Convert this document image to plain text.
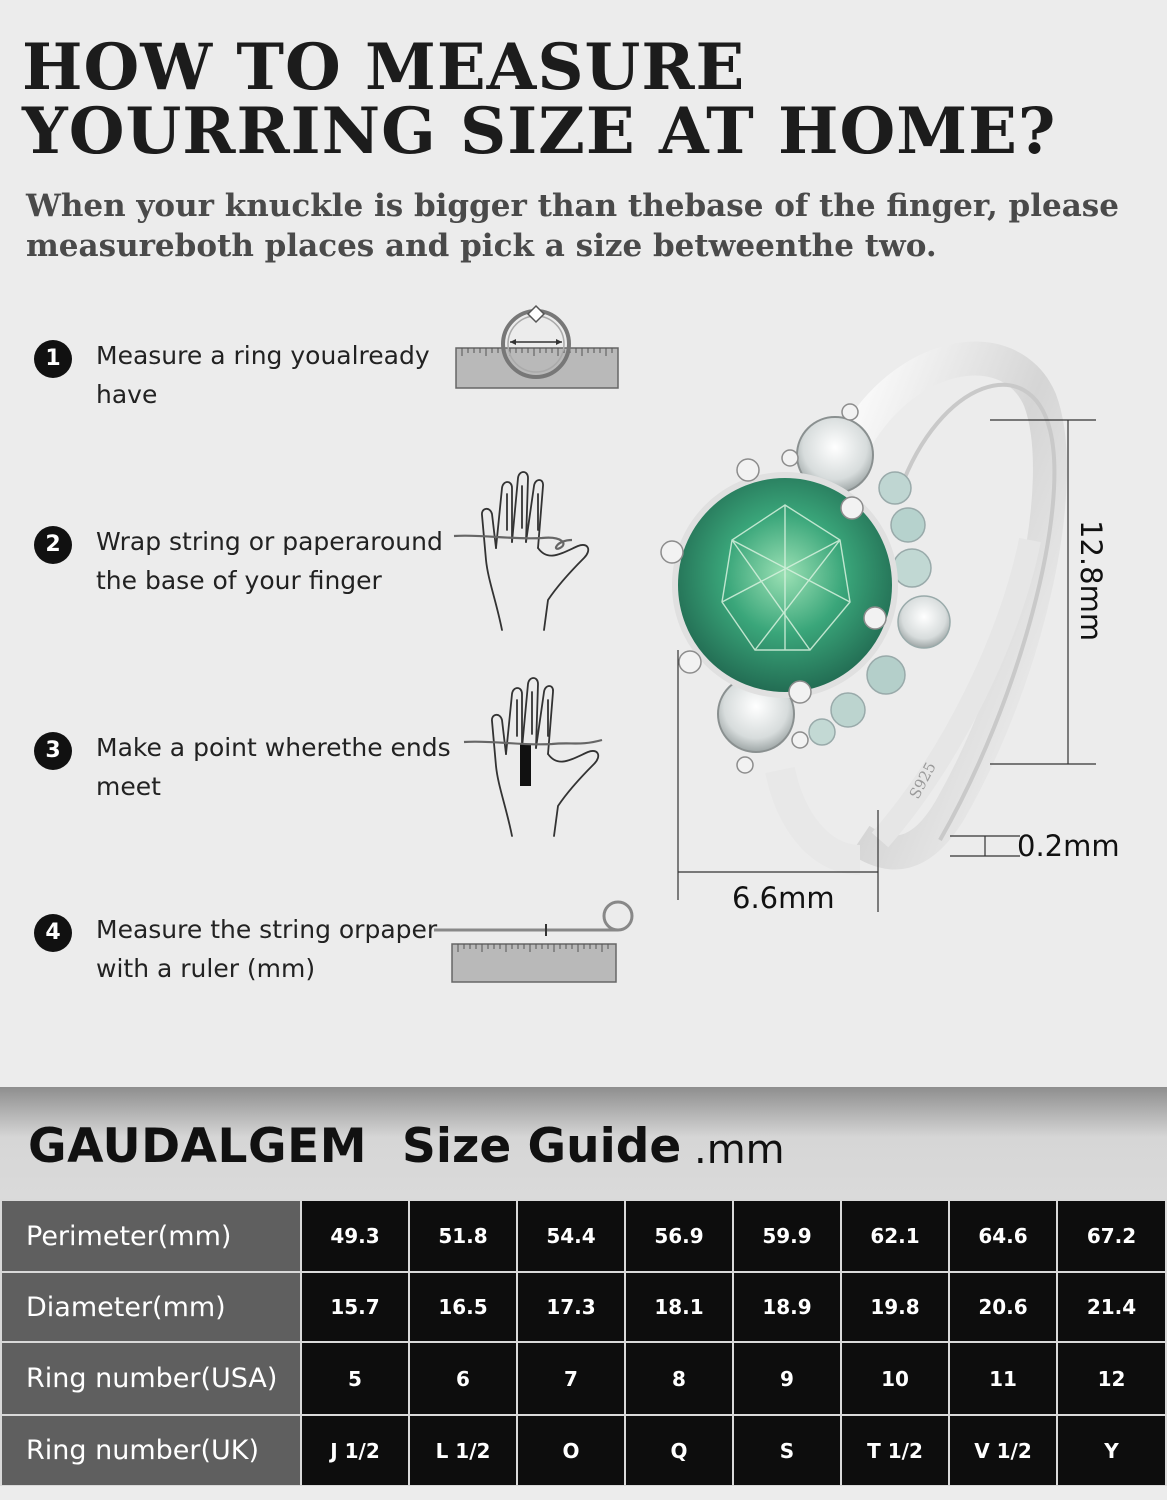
HOW TO MEASURE YOURRING SIZE AT HOME?

When your knuckle is bigger than thebase of the finger, please measureboth places and pick a size betweenthe two.

1	Measure a ring youalready have
2	Wrap string or paperaround the base of your finger
3	Make a point wherethe ends meet
4	Measure the string orpaper with a ruler (mm)
S925
12.8mm
6.6mm
0.2mm
GAUDALGEM Size Guide .mm
Perimeter(mm)	49.3	51.8	54.4	56.9	59.9	62.1	64.6	67.2
Diameter(mm)	15.7	16.5	17.3	18.1	18.9	19.8	20.6	21.4
Ring number(USA)	5	6	7	8	9	10	11	12
Ring number(UK)	J 1/2	L 1/2	O	Q	S	T 1/2	V 1/2	Y
